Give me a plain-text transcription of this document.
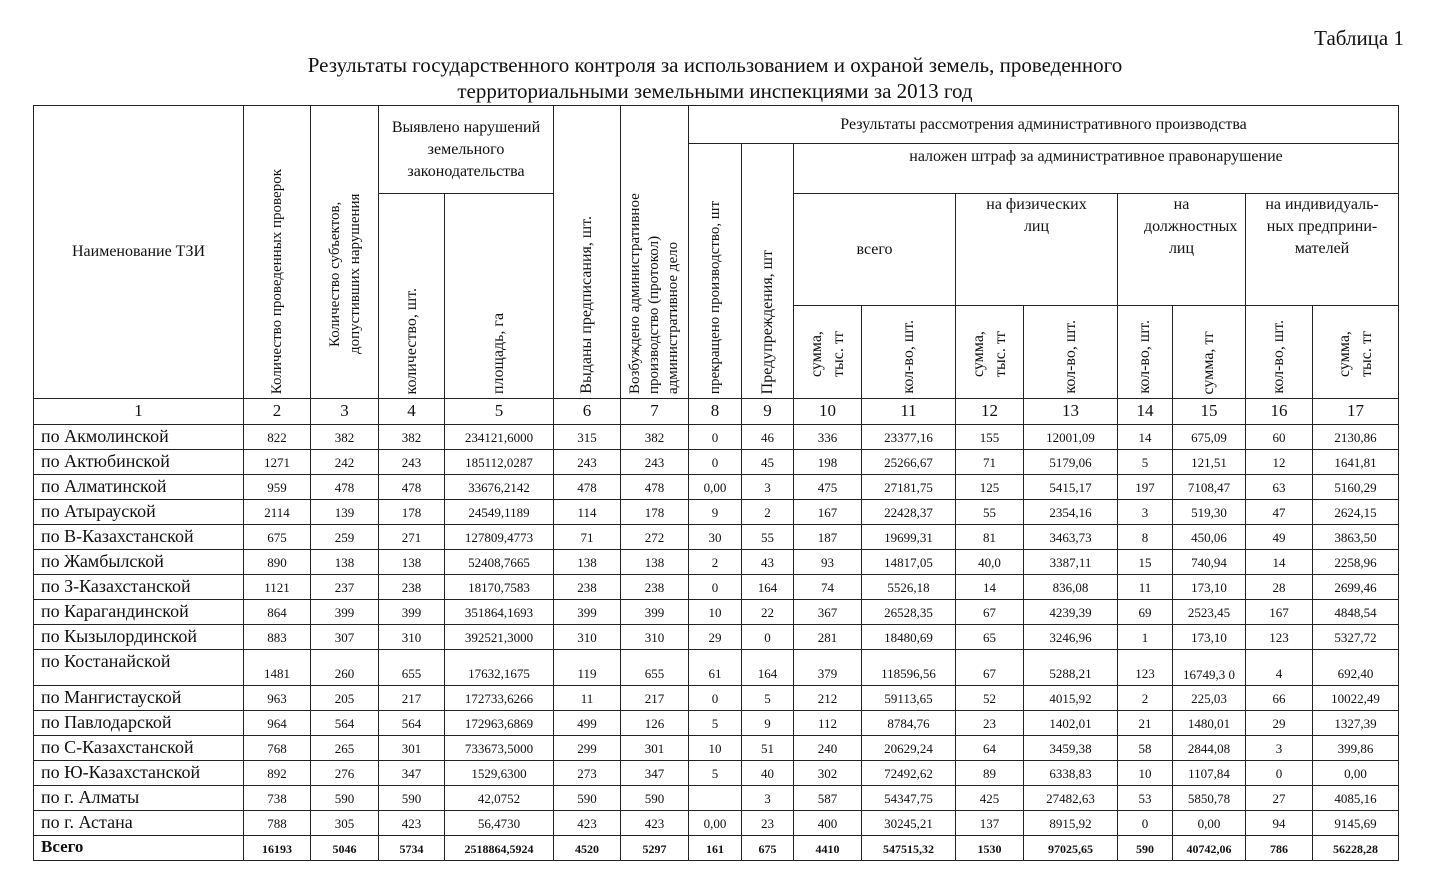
Таблица 1
Результаты государственного контроля за использованием и охраной земель, проведенного
территориальными земельными инспекциями за 2013 год
Наименование ТЗИ	Количество проведенных проверок	Количество субъектов, допустивших нарушения	Выявлено нарушений земельного законодательства		Выданы предписания, шт.	Возбуждено административное производство (протокол) административное дело	Результаты рассмотрения административного производства									

							прекращено производство, шт	Предупреждения, шт	наложен штраф за административное правонарушение							

			количество, шт.	площадь, га					всего		на физических лиц		на должностных лиц		на индивидуаль-ных предприни-мателей	

									сумма, тыс. тг	кол-во, шт.	сумма, тыс. тг	кол-во, шт.	кол-во, шт.	сумма, тг	кол-во, шт.	сумма, тыс. тг

1	2	3	4	5	6	7	8	9	10	11	12	13	14	15	16	17
по Акмолинской	822	382	382	234121,6000	315	382	0	46	336	23377,16	155	12001,09	14	675,09	60	2130,86
по Актюбинской	1271	242	243	185112,0287	243	243	0	45	198	25266,67	71	5179,06	5	121,51	12	1641,81
по Алматинской	959	478	478	33676,2142	478	478	0,00	3	475	27181,75	125	5415,17	197	7108,47	63	5160,29
по Атырауской	2114	139	178	24549,1189	114	178	9	2	167	22428,37	55	2354,16	3	519,30	47	2624,15
по В-Казахстанской	675	259	271	127809,4773	71	272	30	55	187	19699,31	81	3463,73	8	450,06	49	3863,50
по Жамбылской	890	138	138	52408,7665	138	138	2	43	93	14817,05	40,0	3387,11	15	740,94	14	2258,96
по З-Казахстанской	1121	237	238	18170,7583	238	238	0	164	74	5526,18	14	836,08	11	173,10	28	2699,46
по Карагандинской	864	399	399	351864,1693	399	399	10	22	367	26528,35	67	4239,39	69	2523,45	167	4848,54
по Кызылординской	883	307	310	392521,3000	310	310	29	0	281	18480,69	65	3246,96	1	173,10	123	5327,72
по Костанайской	1481	260	655	17632,1675	119	655	61	164	379	118596,56	67	5288,21	123	16749,3 0	4	692,40
по Мангистауской	963	205	217	172733,6266	11	217	0	5	212	59113,65	52	4015,92	2	225,03	66	10022,49
по Павлодарской	964	564	564	172963,6869	499	126	5	9	112	8784,76	23	1402,01	21	1480,01	29	1327,39
по С-Казахстанской	768	265	301	733673,5000	299	301	10	51	240	20629,24	64	3459,38	58	2844,08	3	399,86
по Ю-Казахстанской	892	276	347	1529,6300	273	347	5	40	302	72492,62	89	6338,83	10	1107,84	0	0,00
по г. Алматы	738	590	590	42,0752	590	590		3	587	54347,75	425	27482,63	53	5850,78	27	4085,16
по г. Астана	788	305	423	56,4730	423	423	0,00	23	400	30245,21	137	8915,92	0	0,00	94	9145,69
Всего	16193	5046	5734	2518864,5924	4520	5297	161	675	4410	547515,32	1530	97025,65	590	40742,06	786	56228,28
